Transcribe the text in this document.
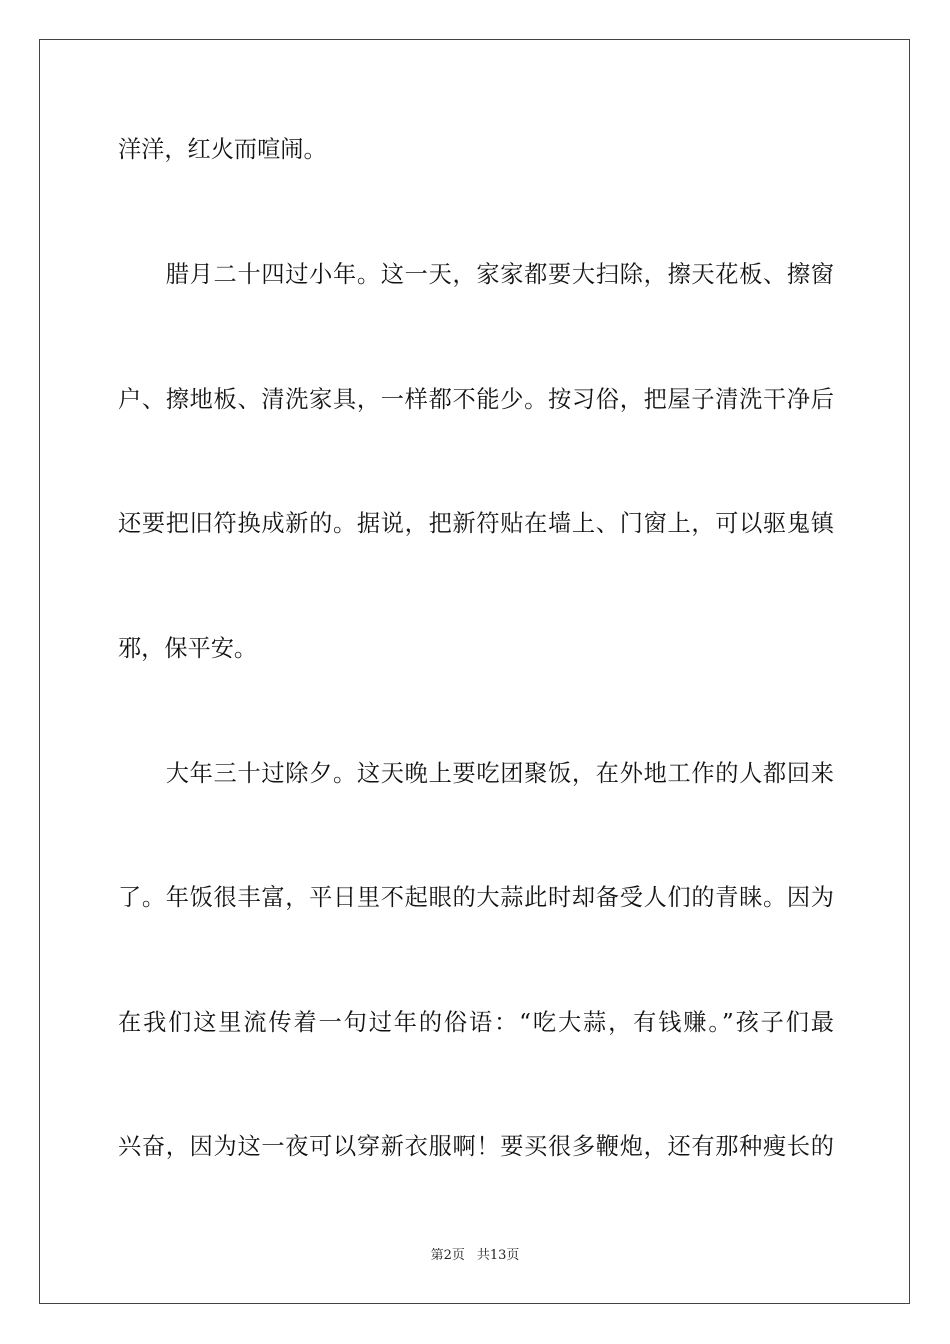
洋洋，红火而喧闹。

　　腊月二十四过小年。这一天，家家都要大扫除，擦天花板、擦窗

户、擦地板、清洗家具，一样都不能少。按习俗，把屋子清洗干净后

还要把旧符换成新的。据说，把新符贴在墙上、门窗上，可以驱鬼镇

邪，保平安。

　　大年三十过除夕。这天晚上要吃团聚饭，在外地工作的人都回来

了。年饭很丰富，平日里不起眼的大蒜此时却备受人们的青睐。因为

在我们这里流传着一句过年的俗语：“吃大蒜，有钱赚。”孩子们最

兴奋，因为这一夜可以穿新衣服啊！要买很多鞭炮，还有那种瘦长的

第2页 共13页
